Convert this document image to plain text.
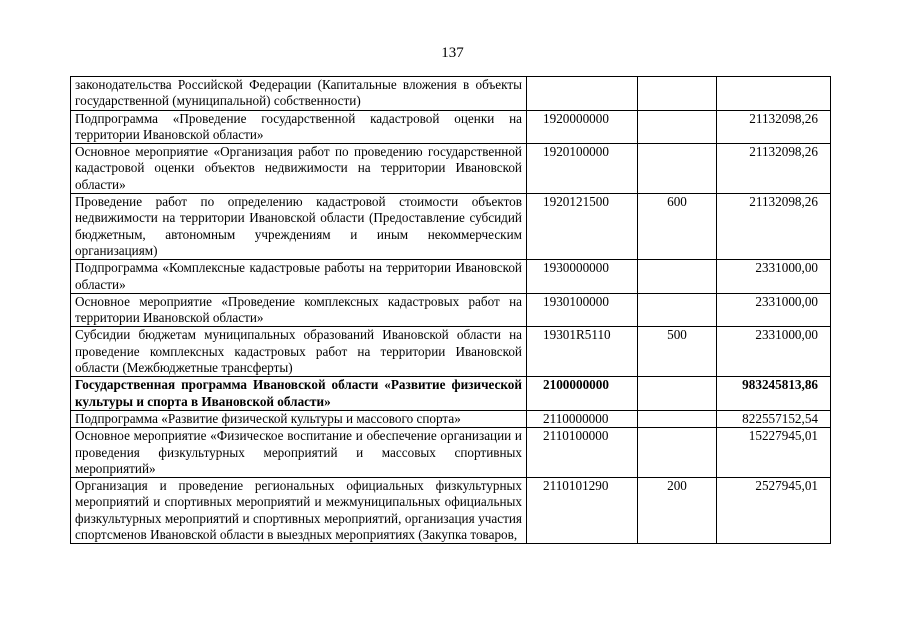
137
законодательства Российской Федерации (Капитальные вложения в объекты государственной (муниципальной) собственности)			
Подпрограмма «Проведение государственной кадастровой оценки на территории Ивановской области»	1920000000		21132098,26
Основное мероприятие «Организация работ по проведению государственной кадастровой оценки объектов недвижимости на территории Ивановской области»	1920100000		21132098,26
Проведение работ по определению кадастровой стоимости объектов недвижимости на территории Ивановской области (Предоставление субсидий бюджетным, автономным учреждениям и иным некоммерческим организациям)	1920121500	600	21132098,26
Подпрограмма «Комплексные кадастровые работы на территории Ивановской области»	1930000000		2331000,00
Основное мероприятие «Проведение комплексных кадастровых работ на территории Ивановской области»	1930100000		2331000,00
Субсидии бюджетам муниципальных образований Ивановской области на проведение комплексных кадастровых работ на территории Ивановской области (Межбюджетные трансферты)	19301R5110	500	2331000,00
Государственная программа Ивановской области «Развитие физической культуры и спорта в Ивановской области»	2100000000		983245813,86
Подпрограмма «Развитие физической культуры и массового спорта»	2110000000		822557152,54
Основное мероприятие «Физическое воспитание и обеспечение организации и проведения физкультурных мероприятий и массовых спортивных мероприятий»	2110100000		15227945,01
Организация и проведение региональных официальных физкультурных мероприятий и спортивных мероприятий и межмуниципальных официальных физкультурных мероприятий и спортивных мероприятий, организация участия спортсменов Ивановской области в выездных мероприятиях (Закупка товаров,	2110101290	200	2527945,01
